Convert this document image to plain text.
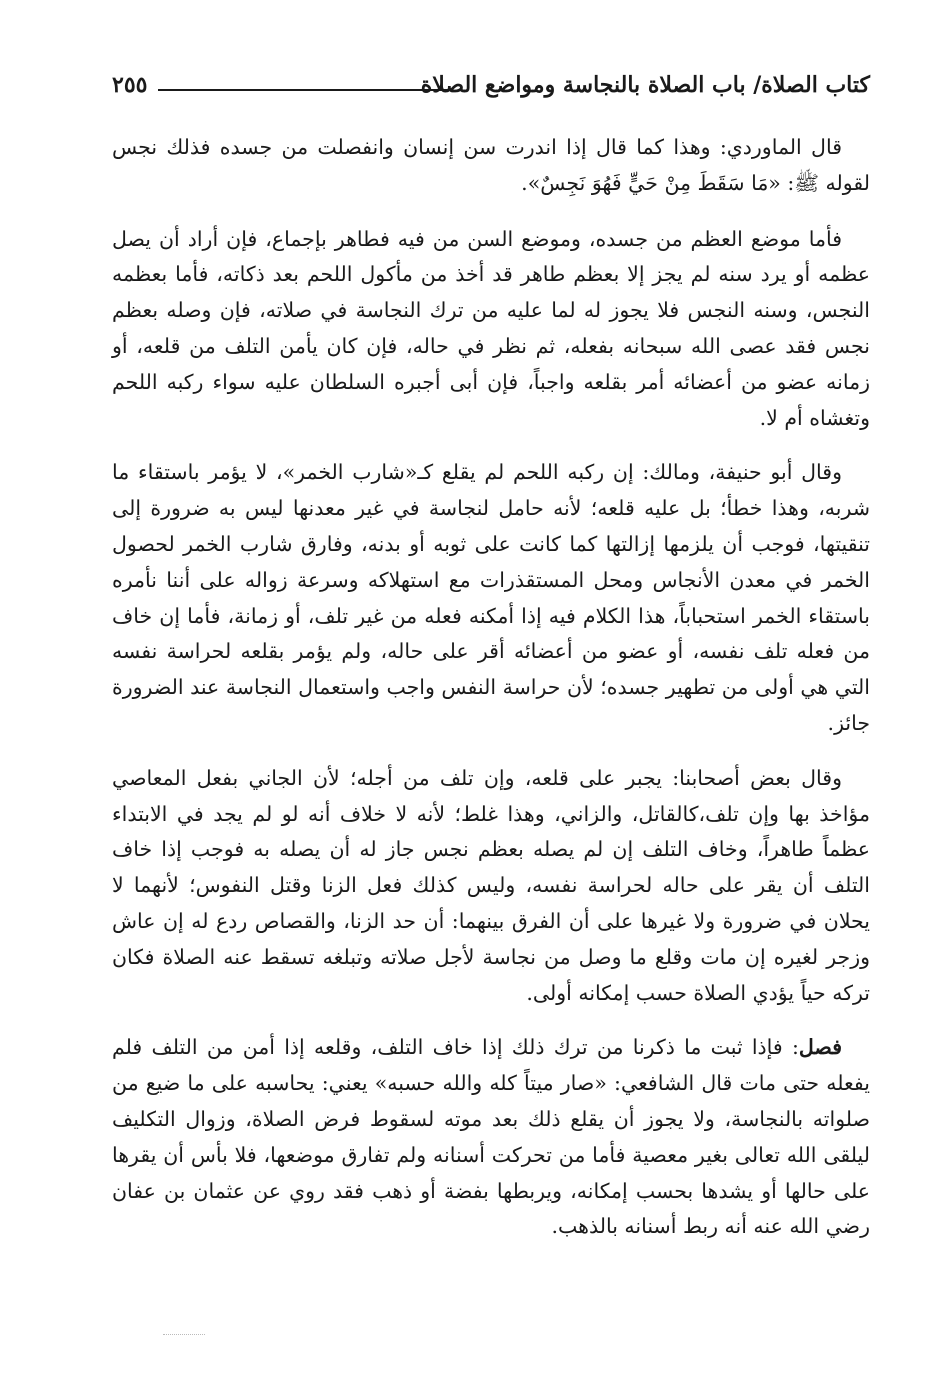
كتاب الصلاة/ باب الصلاة بالنجاسة ومواضع الصلاة
٢٥٥

قال الماوردي: وهذا كما قال إذا اندرت سن إنسان وانفصلت من جسده فذلك نجس لقوله ﷺ: «مَا سَقَطَ مِنْ حَيٍّ فَهُوَ نَجِسٌ».

فأما موضع العظم من جسده، وموضع السن من فيه فطاهر بإجماع، فإن أراد أن يصل عظمه أو يرد سنه لم يجز إلا بعظم طاهر قد أخذ من مأكول اللحم بعد ذكاته، فأما بعظمه النجس، وسنه النجس فلا يجوز له لما عليه من ترك النجاسة في صلاته، فإن وصله بعظم نجس فقد عصى الله سبحانه بفعله، ثم نظر في حاله، فإن كان يأمن التلف من قلعه، أو زمانه عضو من أعضائه أمر بقلعه واجباً، فإن أبى أجبره السلطان عليه سواء ركبه اللحم وتغشاه أم لا.

وقال أبو حنيفة، ومالك: إن ركبه اللحم لم يقلع كـ«شارب الخمر»، لا يؤمر باستقاء ما شربه، وهذا خطأ؛ بل عليه قلعه؛ لأنه حامل لنجاسة في غير معدنها ليس به ضرورة إلى تنقيتها، فوجب أن يلزمها إزالتها كما كانت على ثوبه أو بدنه، وفارق شارب الخمر لحصول الخمر في معدن الأنجاس ومحل المستقذرات مع استهلاكه وسرعة زواله على أننا نأمره باستقاء الخمر استحباباً، هذا الكلام فيه إذا أمكنه فعله من غير تلف، أو زمانة، فأما إن خاف من فعله تلف نفسه، أو عضو من أعضائه أقر على حاله، ولم يؤمر بقلعه لحراسة نفسه التي هي أولى من تطهير جسده؛ لأن حراسة النفس واجب واستعمال النجاسة عند الضرورة جائز.

وقال بعض أصحابنا: يجبر على قلعه، وإن تلف من أجله؛ لأن الجاني بفعل المعاصي مؤاخذ بها وإن تلف،كالقاتل، والزاني، وهذا غلط؛ لأنه لا خلاف أنه لو لم يجد في الابتداء عظماً طاهراً، وخاف التلف إن لم يصله بعظم نجس جاز له أن يصله به فوجب إذا خاف التلف أن يقر على حاله لحراسة نفسه، وليس كذلك فعل الزنا وقتل النفوس؛ لأنهما لا يحلان في ضرورة ولا غيرها على أن الفرق بينهما: أن حد الزنا، والقصاص ردع له إن عاش وزجر لغيره إن مات وقلع ما وصل من نجاسة لأجل صلاته وتبلغه تسقط عنه الصلاة فكان تركه حياً يؤدي الصلاة حسب إمكانه أولى.

فصل: فإذا ثبت ما ذكرنا من ترك ذلك إذا خاف التلف، وقلعه إذا أمن من التلف فلم يفعله حتى مات قال الشافعي: «صار ميتاً كله والله حسبه» يعني: يحاسبه على ما ضيع من صلواته بالنجاسة، ولا يجوز أن يقلع ذلك بعد موته لسقوط فرض الصلاة، وزوال التكليف ليلقى الله تعالى بغير معصية فأما من تحركت أسنانه ولم تفارق موضعها، فلا بأس أن يقرها على حالها أو يشدها بحسب إمكانه، ويربطها بفضة أو ذهب فقد روي عن عثمان بن عفان رضي الله عنه أنه ربط أسنانه بالذهب.
